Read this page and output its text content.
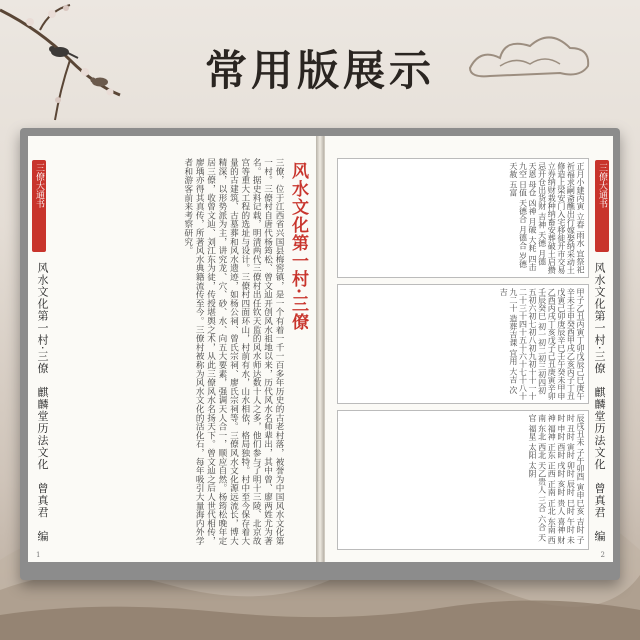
常用版展示
三僚大通书
风水文化第一村·三僚　麒麟堂历法文化　曾真君　编
风水文化第一村·三僚
三僚，位于江西省兴国县梅窖镇，是一个有着一千一百多年历史的古老村落，被誉为中国风水文化第一村。三僚村自唐代杨筠松、曾文辿开创风水祖地以来，历代风水名师辈出，其中曾、廖两姓尤为著名。据史料记载，明清两代三僚村出任钦天监的风水师达数十人之多，他们参与了明十三陵、北京故宫等重大工程的选址与设计。三僚村四面环山，村前有水，山水相依，格局独特。村中至今保存着大量的古建筑、古墓葬和风水遗迹，如杨公祠、曾氏宗祠、廖氏宗祠等。三僚风水文化源远流长，博大精深，以形势派为主，讲究龙、穴、砂、水、向五大要素，强调天人合一，顺应自然。杨筠松晚年定居三僚，收曾文辿、刘江东为徒，传授堪舆之术，从此三僚风水名扬天下。曾文辿之后人世代相传，廖瑀亦得其真传，所著风水典籍流传至今。三僚村被称为风水文化的活化石，每年吸引大量海内外学者和游客前来考察研究。
1
三僚大通书
风水文化第一村·三僚　麒麟堂历法文化　曾真君　编
正月小建丙寅 立春 雨水 宜祭祀祈福求嗣斋醮出行嫁娶纳采动土修造上梁安门入宅移徙开市交易立券纳财栽种纳畜安葬破土启攒 忌开仓出货财 吉神 天德 月德 天恩 母仓 凶神 月破 大耗 四击 九空 日值 天德合 月德合 岁德 天赦 五富
甲子乙丑丙寅丁卯戊辰己巳庚午辛未壬申癸酉甲戌乙亥丙子丁丑戊寅己卯庚辰辛巳壬午癸未甲申乙酉丙戌丁亥戊子己丑庚寅辛卯壬辰癸巳 初一初二初三初四初五初六初七初八初九初十十一十二十三十四十五十六十七十八十九二十 造葬吉课 宜用 大吉 次吉
辰戌丑未 子午卯酉 寅申巳亥 吉时 子时 丑时 寅时 卯时 辰时 巳时 午时 未时 申时 酉时 戌时 亥时 贵人 喜神 财神 福神 正东 正西 正南 正北 东南 西南 东北 西北 天乙贵人 三合 六合 天官 福星 太阳 太阴
2
